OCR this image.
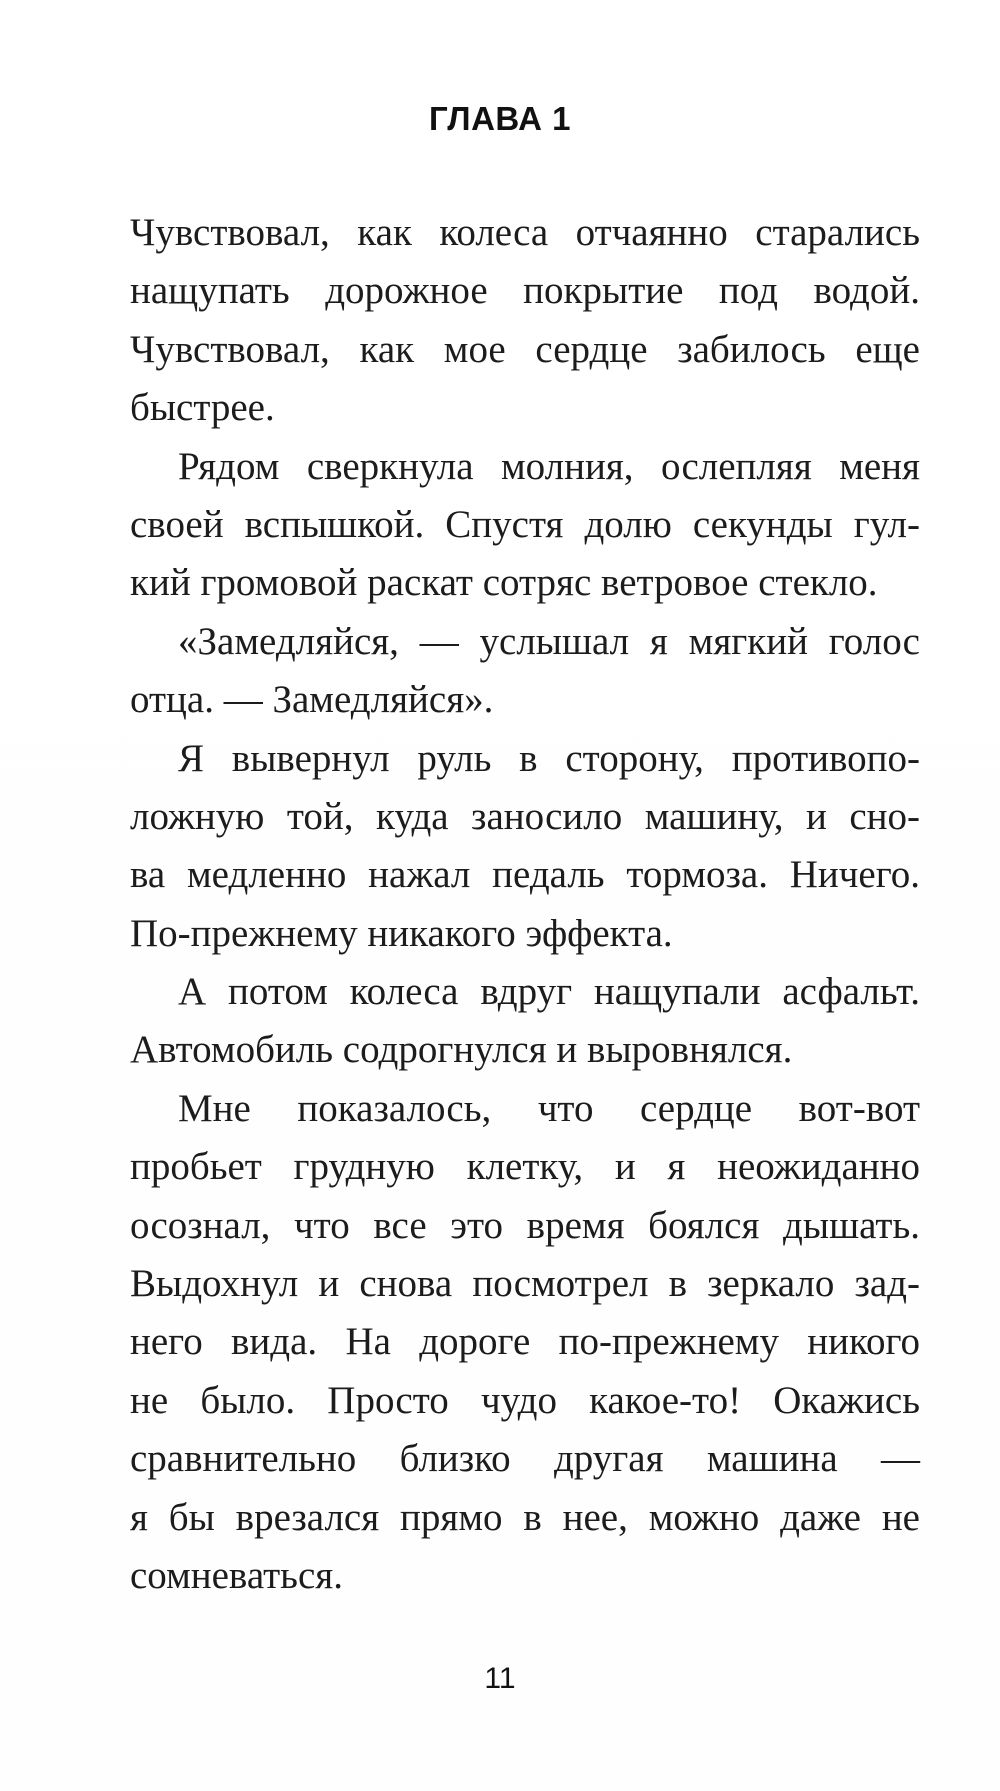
ГЛАВА 1
Чувствовал, как колеса отчаянно старались
нащупать дорожное покрытие под водой.
Чувствовал, как мое сердце забилось еще
быстрее.
Рядом сверкнула молния, ослепляя меня
своей вспышкой. Спустя долю секунды гул-
кий громовой раскат сотряс ветровое стекло.
«Замедляйся, — услышал я мягкий голос
отца. — Замедляйся».
Я вывернул руль в сторону, противопо-
ложную той, куда заносило машину, и сно-
ва медленно нажал педаль тормоза. Ничего.
По-прежнему никакого эффекта.
А потом колеса вдруг нащупали асфальт.
Автомобиль содрогнулся и выровнялся.
Мне показалось, что сердце вот-вот
пробьет грудную клетку, и я неожиданно
осознал, что все это время боялся дышать.
Выдохнул и снова посмотрел в зеркало зад-
него вида. На дороге по-прежнему никого
не было. Просто чудо какое-то! Окажись
сравнительно близко другая машина —
я бы врезался прямо в нее, можно даже не
сомневаться.
11
